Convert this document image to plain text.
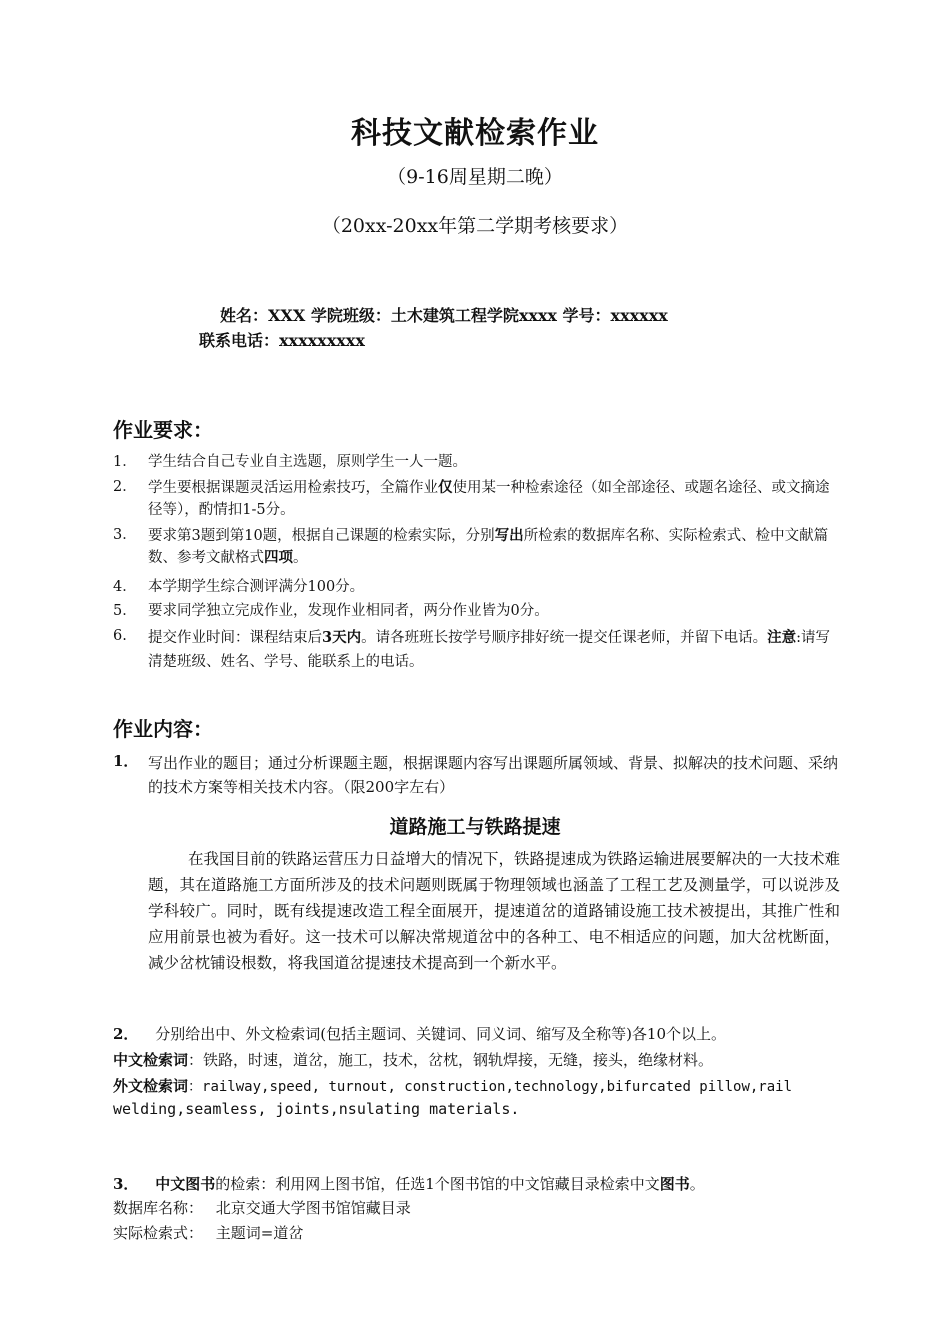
科技文献检索作业
（9-16周星期二晚）
（20xx-20xx年第二学期考核要求）
姓名：XXX 学院班级：土木建筑工程学院xxxx 学号：xxxxxx
联系电话：xxxxxxxxx
作业要求：
1． 学生结合自己专业自主选题，原则学生一人一题。
2． 学生要根据课题灵活运用检索技巧，全篇作业仅使用某一种检索途径（如全部途径、或题名途径、或文摘途径等），酌情扣1-5分。
3． 要求第3题到第10题，根据自己课题的检索实际，分别写出所检索的数据库名称、实际检索式、检中文献篇数、参考文献格式四项。
4． 本学期学生综合测评满分100分。
5． 要求同学独立完成作业，发现作业相同者，两分作业皆为0分。
6. 提交作业时间：课程结束后3天内。请各班班长按学号顺序排好统一提交任课老师，并留下电话。注意:请写清楚班级、姓名、学号、能联系上的电话。
作业内容：
1． 写出作业的题目；通过分析课题主题，根据课题内容写出课题所属领域、背景、拟解决的技术问题、采纳的技术方案等相关技术内容。（限200字左右）
道路施工与铁路提速
在我国目前的铁路运营压力日益增大的情况下，铁路提速成为铁路运输进展要解决的一大技术难题，其在道路施工方面所涉及的技术问题则既属于物理领域也涵盖了工程工艺及测量学，可以说涉及学科较广。同时，既有线提速改造工程全面展开，提速道岔的道路铺设施工技术被提出，其推广性和应用前景也被为看好。这一技术可以解决常规道岔中的各种工、电不相适应的问题，加大岔枕断面，减少岔枕铺设根数，将我国道岔提速技术提高到一个新水平。
2． 分别给出中、外文检索词(包括主题词、关键词、同义词、缩写及全称等)各10个以上。
中文检索词：铁路，时速，道岔，施工，技术，岔枕，钢轨焊接，无缝，接头，绝缘材料。
外文检索词：railway,speed, turnout, construction,technology,bifurcated pillow,rail
welding,seamless, joints,nsulating materials.
3． 中文图书的检索：利用网上图书馆，任选1个图书馆的中文馆藏目录检索中文图书。
数据库名称： 北京交通大学图书馆馆藏目录
实际检索式： 主题词=道岔
